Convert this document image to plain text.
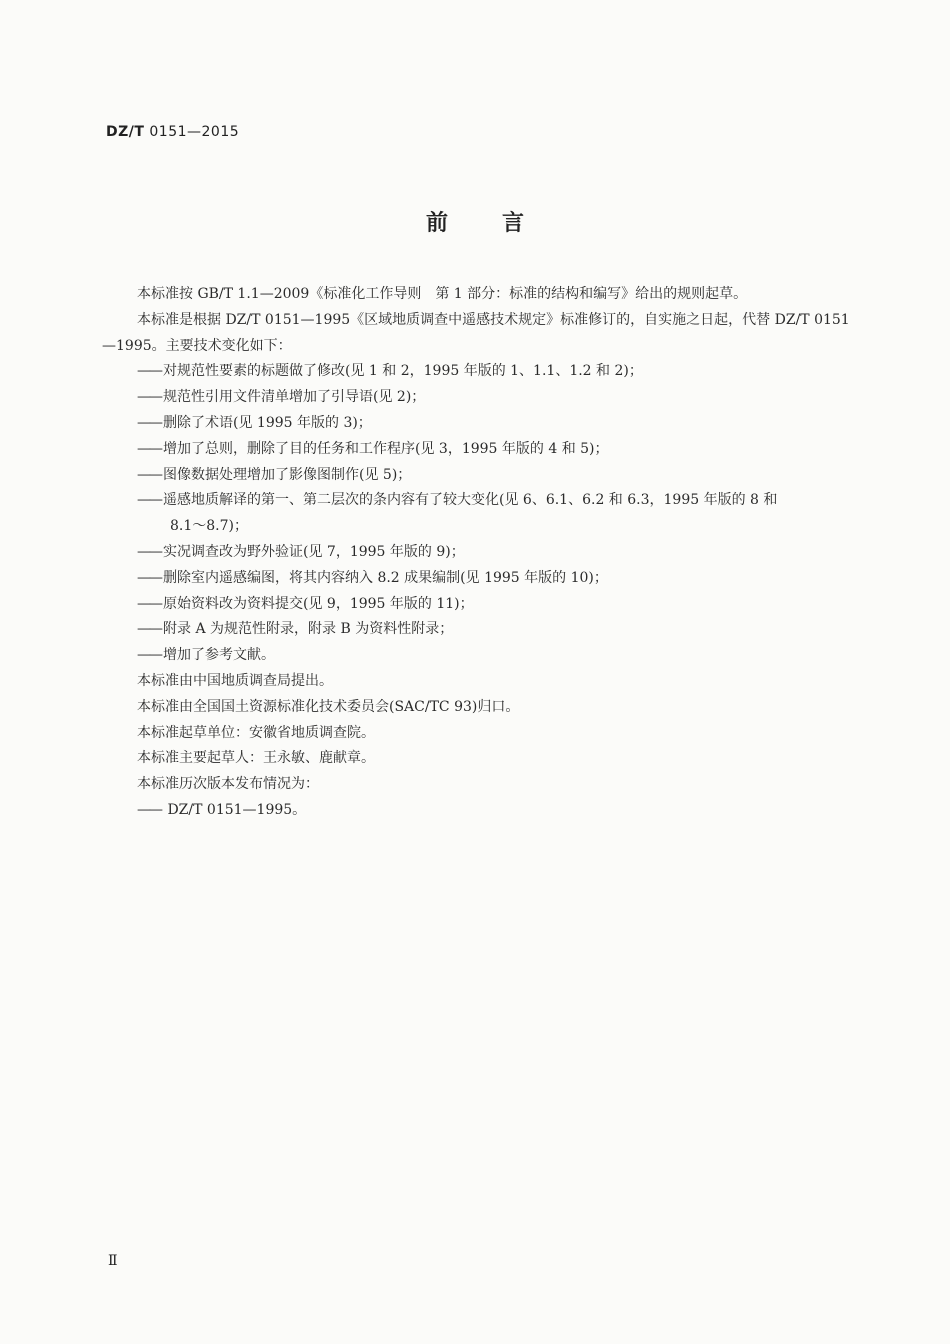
DZ/T 0151—2015
前 言
本标准按 GB/T 1.1—2009《标准化工作导则　第 1 部分：标准的结构和编写》给出的规则起草。
本标准是根据 DZ/T 0151—1995《区域地质调查中遥感技术规定》标准修订的，自实施之日起，代替 DZ/T 0151—1995。主要技术变化如下：
—— 对规范性要素的标题做了修改(见 1 和 2，1995 年版的 1、1.1、1.2 和 2)；
—— 规范性引用文件清单增加了引导语(见 2)；
—— 删除了术语(见 1995 年版的 3)；
—— 增加了总则，删除了目的任务和工作程序(见 3，1995 年版的 4 和 5)；
—— 图像数据处理增加了影像图制作(见 5)；
—— 遥感地质解译的第一、第二层次的条内容有了较大变化(见 6、6.1、6.2 和 6.3，1995 年版的 8 和
8.1～8.7)；
—— 实况调查改为野外验证(见 7，1995 年版的 9)；
—— 删除室内遥感编图，将其内容纳入 8.2 成果编制(见 1995 年版的 10)；
—— 原始资料改为资料提交(见 9，1995 年版的 11)；
—— 附录 A 为规范性附录，附录 B 为资料性附录；
—— 增加了参考文献。
本标准由中国地质调查局提出。
本标准由全国国土资源标准化技术委员会(SAC/TC 93)归口。
本标准起草单位：安徽省地质调查院。
本标准主要起草人：王永敏、鹿献章。
本标准历次版本发布情况为：
—— DZ/T 0151—1995。
Ⅱ
